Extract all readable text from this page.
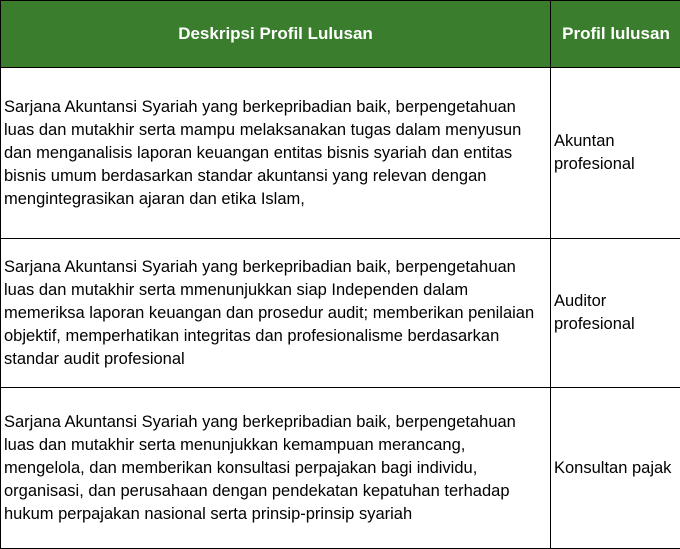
Deskripsi Profil Lulusan	Profil lulusan
Sarjana Akuntansi Syariah yang berkepribadian baik, berpengetahuan luas dan mutakhir serta mampu melaksanakan tugas dalam menyusun dan menganalisis laporan keuangan entitas bisnis syariah dan entitas bisnis umum berdasarkan standar akuntansi yang relevan dengan mengintegrasikan ajaran dan etika Islam,	Akuntan profesional
Sarjana Akuntansi Syariah yang berkepribadian baik, berpengetahuan luas dan mutakhir serta mmenunjukkan siap Independen dalam memeriksa laporan keuangan dan prosedur audit; memberikan penilaian objektif, memperhatikan integritas dan profesionalisme berdasarkan standar audit profesional	Auditor profesional
Sarjana Akuntansi Syariah yang berkepribadian baik, berpengetahuan luas dan mutakhir serta menunjukkan kemampuan merancang, mengelola, dan memberikan konsultasi perpajakan bagi individu, organisasi, dan perusahaan dengan pendekatan kepatuhan terhadap hukum perpajakan nasional serta prinsip-prinsip syariah	Konsultan pajak
